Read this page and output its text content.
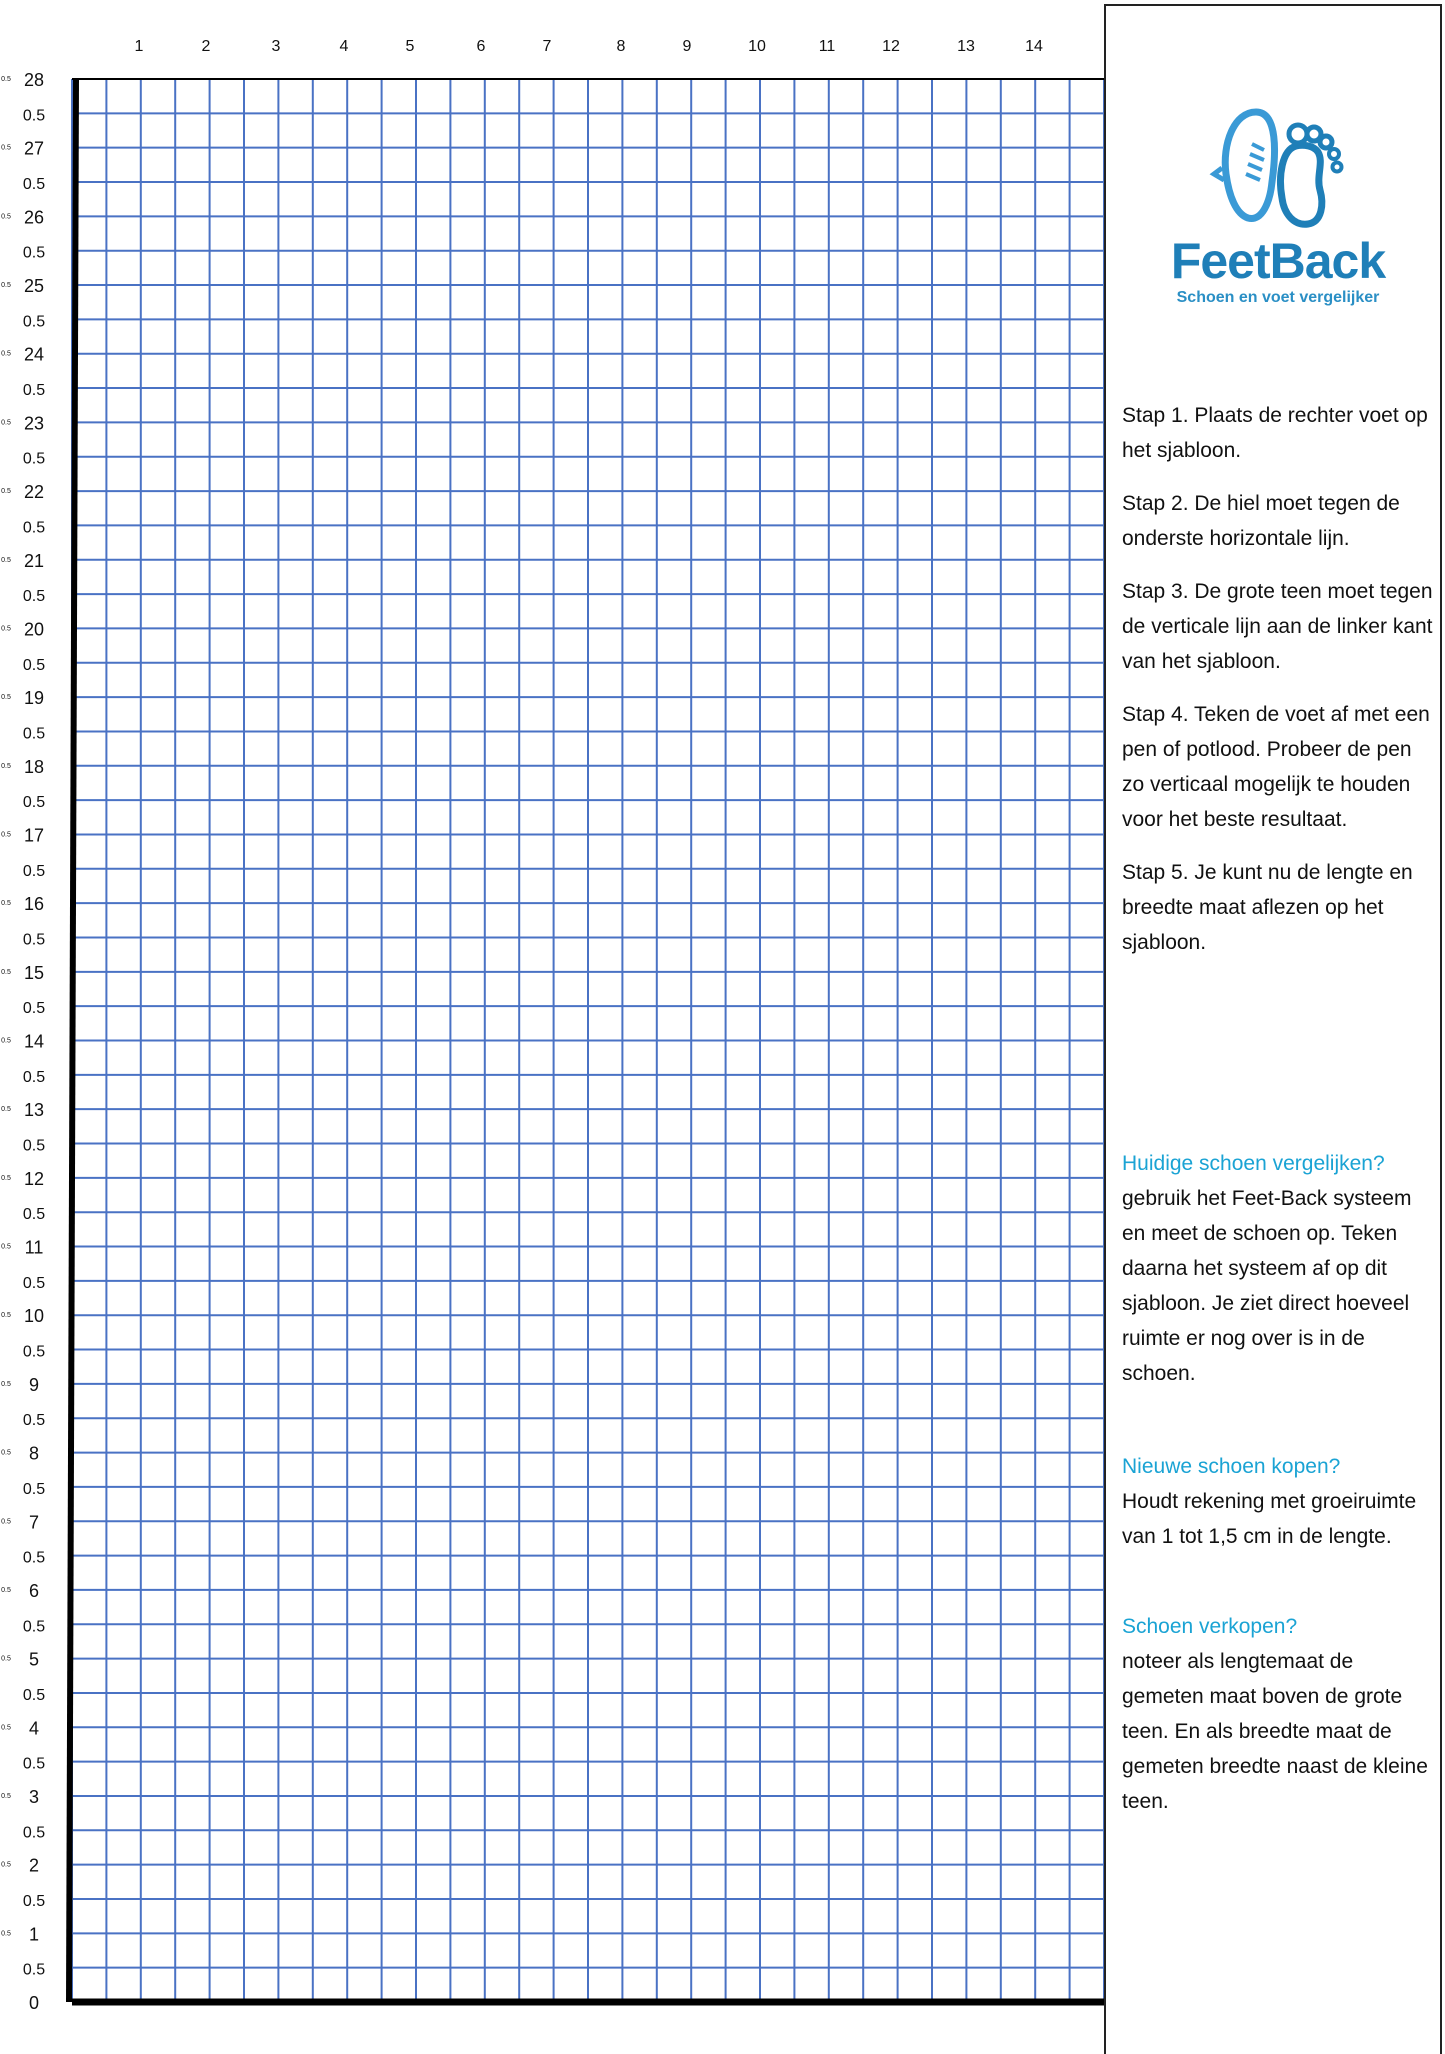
1	2	3	4	5	6	7	8	9	10	11	12	13	14
0
1
0.5
2
0.5
3
0.5
4
0.5
5
0.5
6
0.5
7
0.5
8
0.5
9
0.5
10
0.5
11
0.5
12
0.5
13
0.5
14
0.5
15
0.5
16
0.5
17
0.5
18
0.5
19
0.5
20
0.5
21
0.5
22
0.5
23
0.5
24
0.5
25
0.5
26
0.5
27
0.5
28
0.5
0.5
0.5
0.5
0.5
0.5
0.5
0.5
0.5
0.5
0.5
0.5
0.5
0.5
0.5
0.5
0.5
0.5
0.5
0.5
0.5
0.5
0.5
0.5
0.5
0.5
0.5
0.5
0.5
FeetBack
Schoen en voet vergelijker

Stap 1. Plaats de rechter voet op het sjabloon.

Stap 2. De hiel moet tegen de onderste horizontale lijn.

Stap 3. De grote teen moet tegen de verticale lijn aan de linker kant van het sjabloon.

Stap 4. Teken de voet af met een pen of potlood. Probeer de pen zo verticaal mogelijk te houden voor het beste resultaat.

Stap 5. Je kunt nu de lengte en breedte maat aflezen op het sjabloon.

Huidige schoen vergelijken?
gebruik het Feet-Back systeem en meet de schoen op. Teken daarna het systeem af op dit sjabloon. Je ziet direct hoeveel ruimte er nog over is in de schoen.
Nieuwe schoen kopen?
Houdt rekening met groeiruimte van 1 tot 1,5 cm in de lengte.
Schoen verkopen?
noteer als lengtemaat de gemeten maat boven de grote teen. En als breedte maat de gemeten breedte naast de kleine teen.
